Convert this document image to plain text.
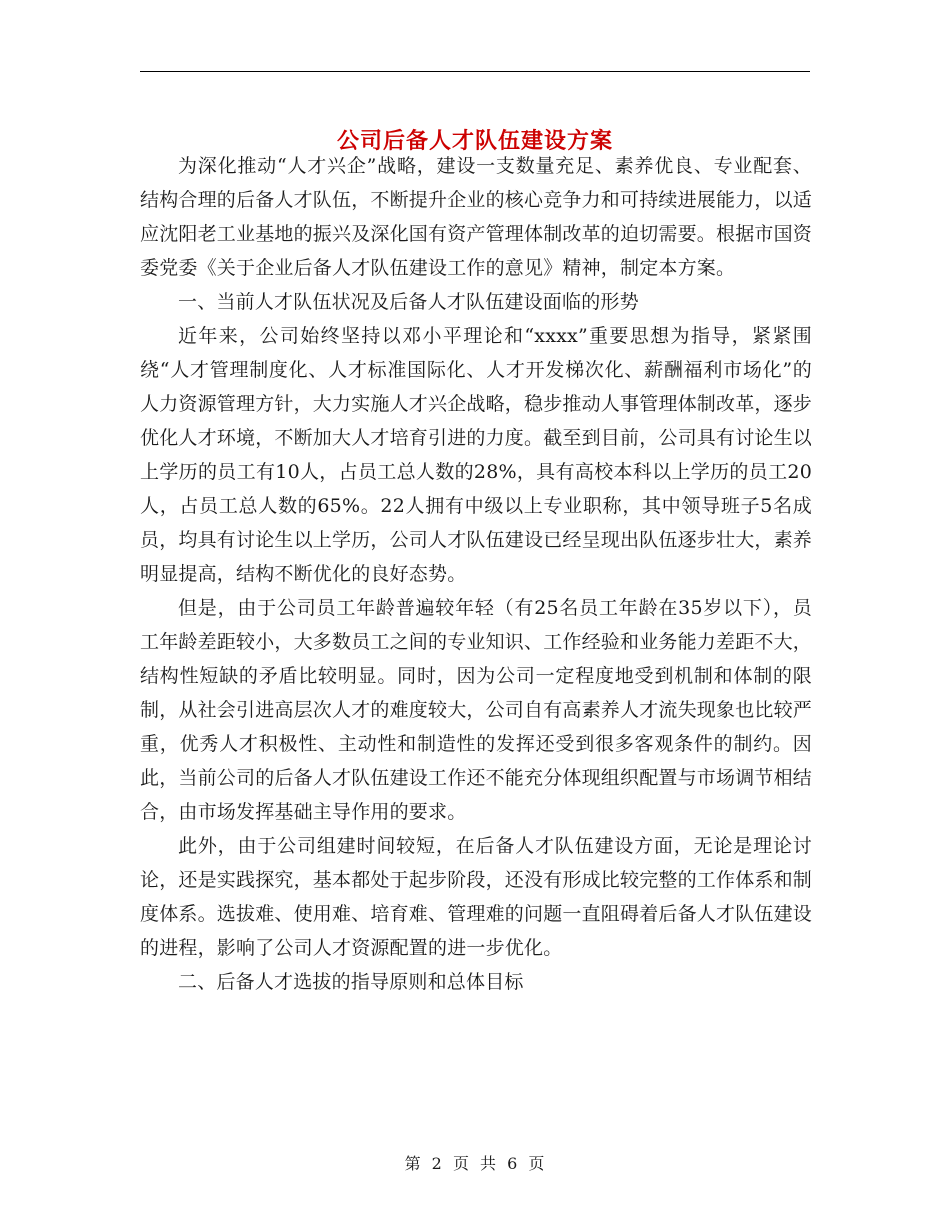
公司后备人才队伍建设方案

为深化推动“人才兴企”战略，建设一支数量充足、素养优良、专业配套、结构合理的后备人才队伍，不断提升企业的核心竞争力和可持续进展能力，以适应沈阳老工业基地的振兴及深化国有资产管理体制改革的迫切需要。根据市国资委党委《关于企业后备人才队伍建设工作的意见》精神，制定本方案。

一、当前人才队伍状况及后备人才队伍建设面临的形势

近年来，公司始终坚持以邓小平理论和“xxxx”重要思想为指导，紧紧围绕“人才管理制度化、人才标准国际化、人才开发梯次化、薪酬福利市场化”的人力资源管理方针，大力实施人才兴企战略，稳步推动人事管理体制改革，逐步优化人才环境，不断加大人才培育引进的力度。截至到目前，公司具有讨论生以上学历的员工有10人，占员工总人数的28%，具有高校本科以上学历的员工20人，占员工总人数的65%。22人拥有中级以上专业职称，其中领导班子5名成员，均具有讨论生以上学历，公司人才队伍建设已经呈现出队伍逐步壮大，素养明显提高，结构不断优化的良好态势。

但是，由于公司员工年龄普遍较年轻（有25名员工年龄在35岁以下），员工年龄差距较小，大多数员工之间的专业知识、工作经验和业务能力差距不大，结构性短缺的矛盾比较明显。同时，因为公司一定程度地受到机制和体制的限制，从社会引进高层次人才的难度较大，公司自有高素养人才流失现象也比较严重，优秀人才积极性、主动性和制造性的发挥还受到很多客观条件的制约。因此，当前公司的后备人才队伍建设工作还不能充分体现组织配置与市场调节相结合，由市场发挥基础主导作用的要求。

此外，由于公司组建时间较短，在后备人才队伍建设方面，无论是理论讨论，还是实践探究，基本都处于起步阶段，还没有形成比较完整的工作体系和制度体系。选拔难、使用难、培育难、管理难的问题一直阻碍着后备人才队伍建设的进程，影响了公司人才资源配置的进一步优化。

二、后备人才选拔的指导原则和总体目标

第 2 页 共 6 页
